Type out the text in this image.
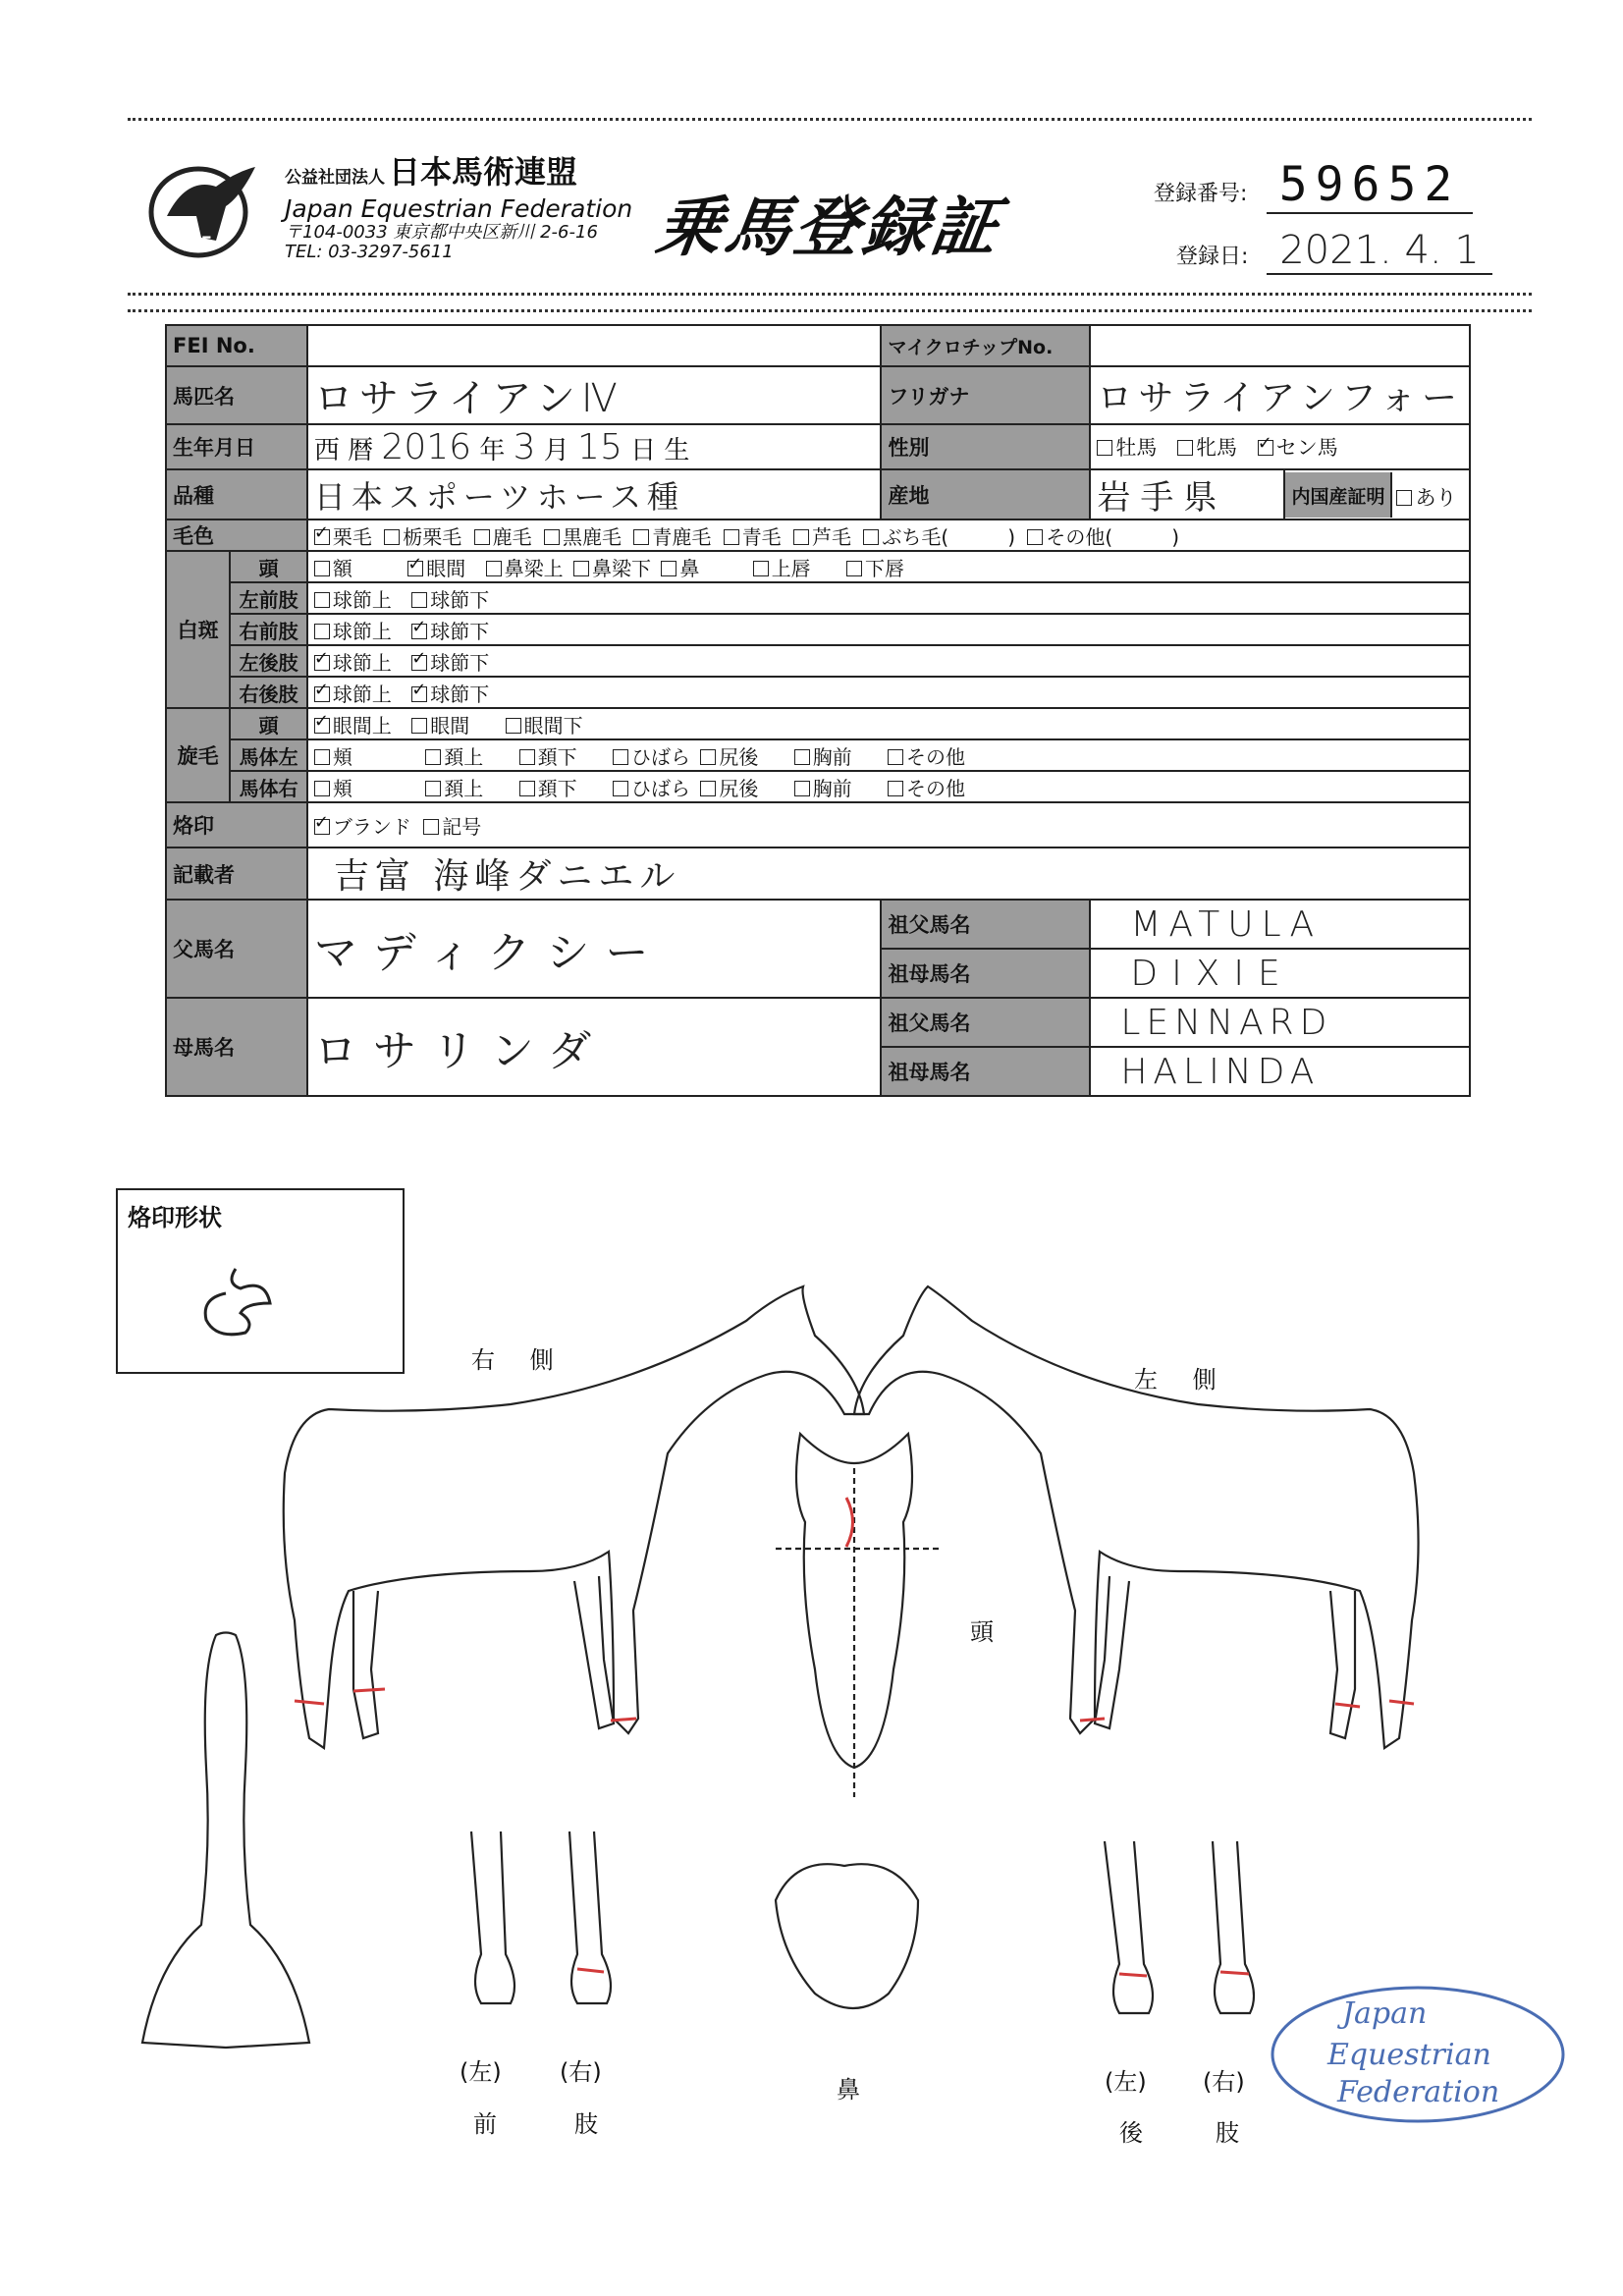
JEF
公益社団法人 日本馬術連盟
Japan Equestrian Federation
〒104-0033 東京都中央区新川 2-6-16
TEL: 03-3297-5611	乗馬登録証	登録番号: 59652
登録日: 2021. 4. 1
FEI No.			マイクロチップNo.		
馬匹名		ロサライアンⅣ	フリガナ	ロサライアンフォー	
生年月日		西 暦 2016 年 3 月 15 日 生	性別	牡馬 牝馬 ✓ セン馬
品種		日本スポーツホース種	産地	岩手県	内国産証明 あり

毛色	✓栗毛 栃栗毛 鹿毛 黒鹿毛 青鹿毛 青毛 芦毛 ぶち毛( ) その他( )
白斑	頭	額 ✓ 眼間 鼻梁上 鼻梁下 鼻 上唇 下唇
	左前肢	球節上 球節下			
	右前肢	球節上 ✓ 球節下
	左後肢	✓球節上 ✓ 球節下
	右後肢	✓球節上 ✓ 球節下
旋毛	頭	✓眼間上 眼間 眼間下
	馬体左	頬 頚上 頚下 ひばら 尻後 胸前 その他			
	馬体右	頬 頚上 頚下 ひばら 尻後 胸前 その他			
烙印	✓ブランド 記号
記載者		吉富 海峰ダニエル			
父馬名		マディクシー	祖父馬名	MATULA	
			祖母馬名	DIXIE	
母馬名		ロサリンダ	祖父馬名	LENNARD	
			祖母馬名	HALINDA	
烙印形状
右 側
左 側
頭
鼻
(左) (右)
前	肢
(左) (右)
後	肢
Japan
Equestrian
Federation
